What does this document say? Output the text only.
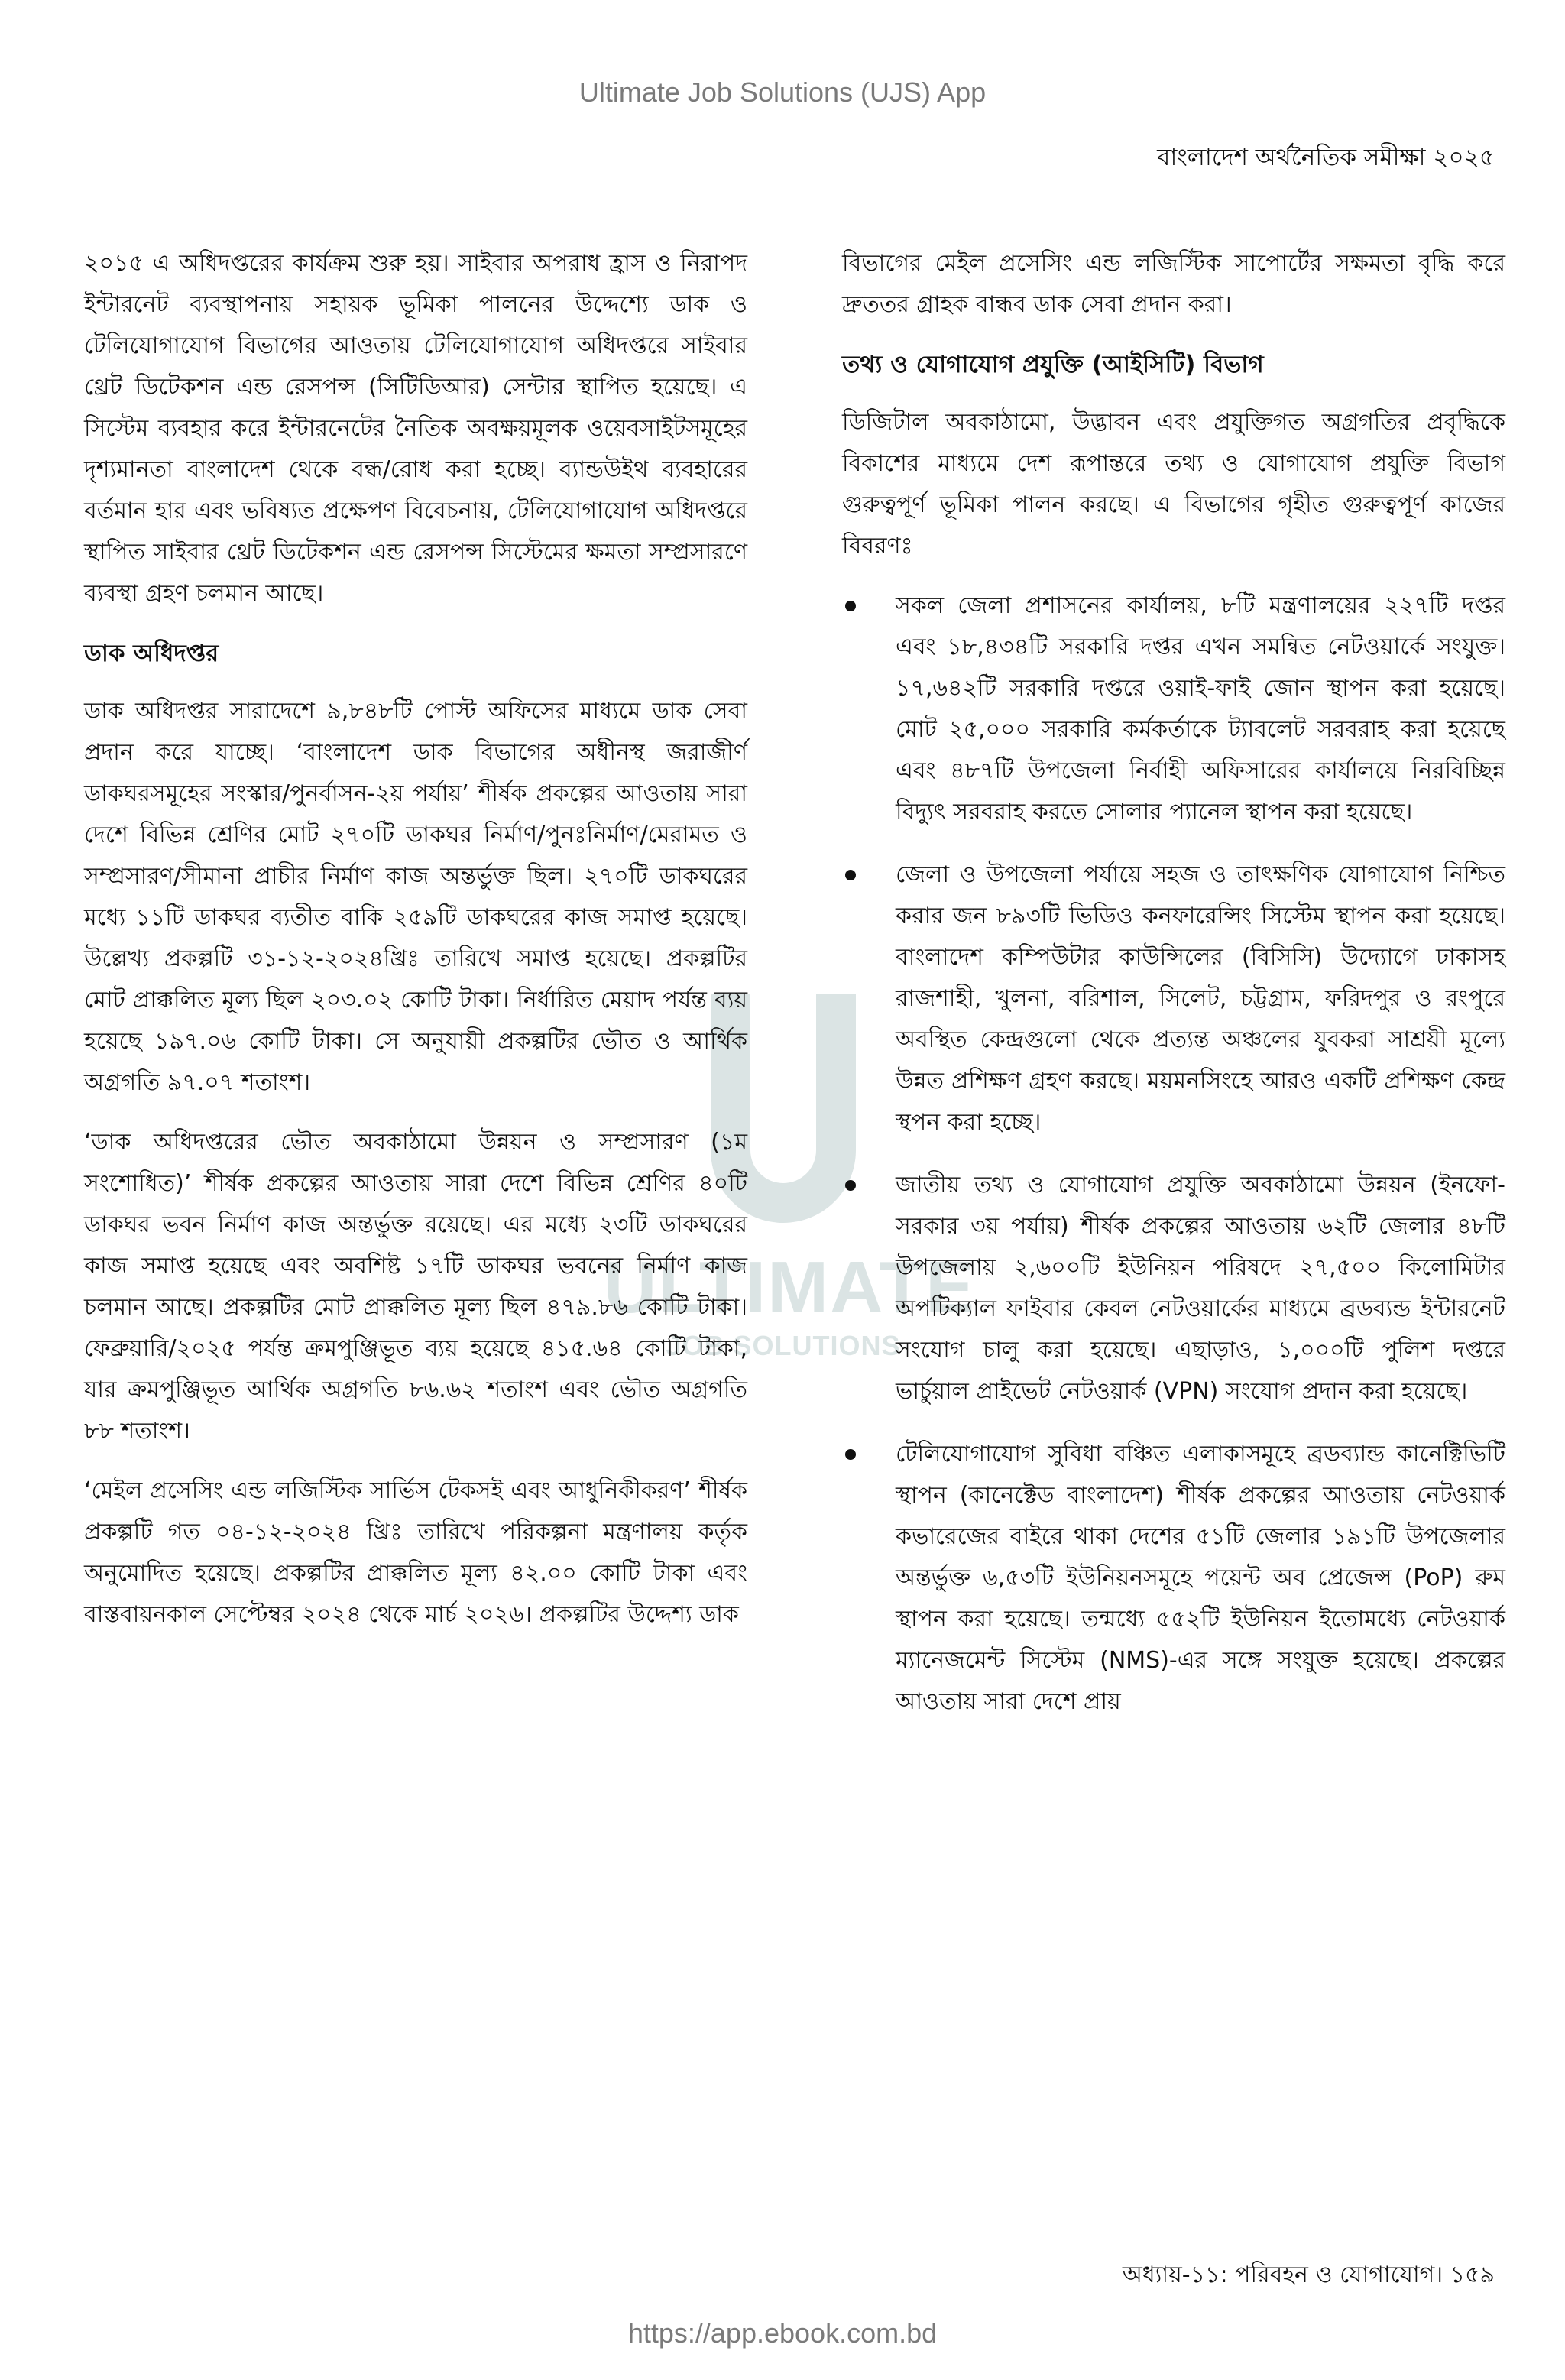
Ultimate Job Solutions (UJS) App
বাংলাদেশ অর্থনৈতিক সমীক্ষা ২০২৫
ULTIMATE
JOB SOLUTIONS

২০১৫ এ অধিদপ্তরের কার্যক্রম শুরু হয়। সাইবার অপরাধ হ্রাস ও নিরাপদ ইন্টারনেট ব্যবস্থাপনায় সহায়ক ভূমিকা পালনের উদ্দেশ্যে ডাক ও টেলিযোগাযোগ বিভাগের আওতায় টেলিযোগাযোগ অধিদপ্তরে সাইবার থ্রেট ডিটেকশন এন্ড রেসপন্স (সিটিডিআর) সেন্টার স্থাপিত হয়েছে। এ সিস্টেম ব্যবহার করে ইন্টারনেটের নৈতিক অবক্ষয়মূলক ওয়েবসাইটসমূহের দৃশ্যমানতা বাংলাদেশ থেকে বন্ধ/রোধ করা হচ্ছে। ব্যান্ডউইথ ব্যবহারের বর্তমান হার এবং ভবিষ্যত প্রক্ষেপণ বিবেচনায়, টেলিযোগাযোগ অধিদপ্তরে স্থাপিত সাইবার থ্রেট ডিটেকশন এন্ড রেসপন্স সিস্টেমের ক্ষমতা সম্প্রসারণে ব্যবস্থা গ্রহণ চলমান আছে।

ডাক অধিদপ্তর

ডাক অধিদপ্তর সারাদেশে ৯,৮৪৮টি পোস্ট অফিসের মাধ্যমে ডাক সেবা প্রদান করে যাচ্ছে। ‘বাংলাদেশ ডাক বিভাগের অধীনস্থ জরাজীর্ণ ডাকঘরসমূহের সংস্কার/পুনর্বাসন-২য় পর্যায়’ শীর্ষক প্রকল্পের আওতায় সারা দেশে বিভিন্ন শ্রেণির মোট ২৭০টি ডাকঘর নির্মাণ/পুনঃনির্মাণ/মেরামত ও সম্প্রসারণ/সীমানা প্রাচীর নির্মাণ কাজ অন্তর্ভুক্ত ছিল। ২৭০টি ডাকঘরের মধ্যে ১১টি ডাকঘর ব্যতীত বাকি ২৫৯টি ডাকঘরের কাজ সমাপ্ত হয়েছে। উল্লেখ্য প্রকল্পটি ৩১-১২-২০২৪খ্রিঃ তারিখে সমাপ্ত হয়েছে। প্রকল্পটির মোট প্রাক্কলিত মূল্য ছিল ২০৩.০২ কোটি টাকা। নির্ধারিত মেয়াদ পর্যন্ত ব্যয় হয়েছে ১৯৭.০৬ কোটি টাকা। সে অনুযায়ী প্রকল্পটির ভৌত ও আর্থিক অগ্রগতি ৯৭.০৭ শতাংশ।

‘ডাক অধিদপ্তরের ভৌত অবকাঠামো উন্নয়ন ও সম্প্রসারণ (১ম সংশোধিত)’ শীর্ষক প্রকল্পের আওতায় সারা দেশে বিভিন্ন শ্রেণির ৪০টি ডাকঘর ভবন নির্মাণ কাজ অন্তর্ভুক্ত রয়েছে। এর মধ্যে ২৩টি ডাকঘরের কাজ সমাপ্ত হয়েছে এবং অবশিষ্ট ১৭টি ডাকঘর ভবনের নির্মাণ কাজ চলমান আছে। প্রকল্পটির মোট প্রাক্কলিত মূল্য ছিল ৪৭৯.৮৬ কোটি টাকা। ফেব্রুয়ারি/২০২৫ পর্যন্ত ক্রমপুঞ্জিভূত ব্যয় হয়েছে ৪১৫.৬৪ কোটি টাকা, যার ক্রমপুঞ্জিভূত আর্থিক অগ্রগতি ৮৬.৬২ শতাংশ এবং ভৌত অগ্রগতি ৮৮ শতাংশ।

‘মেইল প্রসেসিং এন্ড লজিস্টিক সার্ভিস টেকসই এবং আধুনিকীকরণ’ শীর্ষক প্রকল্পটি গত ০৪-১২-২০২৪ খ্রিঃ তারিখে পরিকল্পনা মন্ত্রণালয় কর্তৃক অনুমোদিত হয়েছে। প্রকল্পটির প্রাক্কলিত মূল্য ৪২.০০ কোটি টাকা এবং বাস্তবায়নকাল সেপ্টেম্বর ২০২৪ থেকে মার্চ ২০২৬। প্রকল্পটির উদ্দেশ্য ডাক

বিভাগের মেইল প্রসেসিং এন্ড লজিস্টিক সাপোর্টের সক্ষমতা বৃদ্ধি করে দ্রুততর গ্রাহক বান্ধব ডাক সেবা প্রদান করা।

তথ্য ও যোগাযোগ প্রযুক্তি (আইসিটি) বিভাগ

ডিজিটাল অবকাঠামো, উদ্ভাবন এবং প্রযুক্তিগত অগ্রগতির প্রবৃদ্ধিকে বিকাশের মাধ্যমে দেশ রূপান্তরে তথ্য ও যোগাযোগ প্রযুক্তি বিভাগ গুরুত্বপূর্ণ ভূমিকা পালন করছে। এ বিভাগের গৃহীত গুরুত্বপূর্ণ কাজের বিবরণঃ

সকল জেলা প্রশাসনের কার্যালয়, ৮টি মন্ত্রণালয়ের ২২৭টি দপ্তর এবং ১৮,৪৩৪টি সরকারি দপ্তর এখন সমন্বিত নেটওয়ার্কে সংযুক্ত। ১৭,৬৪২টি সরকারি দপ্তরে ওয়াই-ফাই জোন স্থাপন করা হয়েছে। মোট ২৫,০০০ সরকারি কর্মকর্তাকে ট্যাবলেট সরবরাহ করা হয়েছে এবং ৪৮৭টি উপজেলা নির্বাহী অফিসারের কার্যালয়ে নিরবিচ্ছিন্ন বিদ্যুৎ সরবরাহ করতে সোলার প্যানেল স্থাপন করা হয়েছে।
জেলা ও উপজেলা পর্যায়ে সহজ ও তাৎক্ষণিক যোগাযোগ নিশ্চিত করার জন ৮৯৩টি ভিডিও কনফারেন্সিং সিস্টেম স্থাপন করা হয়েছে। বাংলাদেশ কম্পিউটার কাউন্সিলের (বিসিসি) উদ্যোগে ঢাকাসহ রাজশাহী, খুলনা, বরিশাল, সিলেট, চট্টগ্রাম, ফরিদপুর ও রংপুরে অবস্থিত কেন্দ্রগুলো থেকে প্রত্যন্ত অঞ্চলের যুবকরা সাশ্রয়ী মূল্যে উন্নত প্রশিক্ষণ গ্রহণ করছে। ময়মনসিংহে আরও একটি প্রশিক্ষণ কেন্দ্র স্থপন করা হচ্ছে।
জাতীয় তথ্য ও যোগাযোগ প্রযুক্তি অবকাঠামো উন্নয়ন (ইনফো-সরকার ৩য় পর্যায়) শীর্ষক প্রকল্পের আওতায় ৬২টি জেলার ৪৮টি উপজেলায় ২,৬০০টি ইউনিয়ন পরিষদে ২৭,৫০০ কিলোমিটার অপটিক্যাল ফাইবার কেবল নেটওয়ার্কের মাধ্যমে ব্রডব্যন্ড ইন্টারনেট সংযোগ চালু করা হয়েছে। এছাড়াও, ১,০০০টি পুলিশ দপ্তরে ভার্চুয়াল প্রাইভেট নেটওয়ার্ক (VPN) সংযোগ প্রদান করা হয়েছে।
টেলিযোগাযোগ সুবিধা বঞ্চিত এলাকাসমূহে ব্রডব্যান্ড কানেক্টিভিটি স্থাপন (কানেক্টেড বাংলাদেশ) শীর্ষক প্রকল্পের আওতায় নেটওয়ার্ক কভারেজের বাইরে থাকা দেশের ৫১টি জেলার ১৯১টি উপজেলার অন্তর্ভুক্ত ৬,৫৩টি ইউনিয়নসমূহে পয়েন্ট অব প্রেজেন্স (PoP) রুম স্থাপন করা হয়েছে। তন্মধ্যে ৫৫২টি ইউনিয়ন ইতোমধ্যে নেটওয়ার্ক ম্যানেজমেন্ট সিস্টেম (NMS)-এর সঙ্গে সংযুক্ত হয়েছে। প্রকল্পের আওতায় সারা দেশে প্রায়
অধ্যায়-১১: পরিবহন ও যোগাযোগ। ১৫৯
https://app.ebook.com.bd
